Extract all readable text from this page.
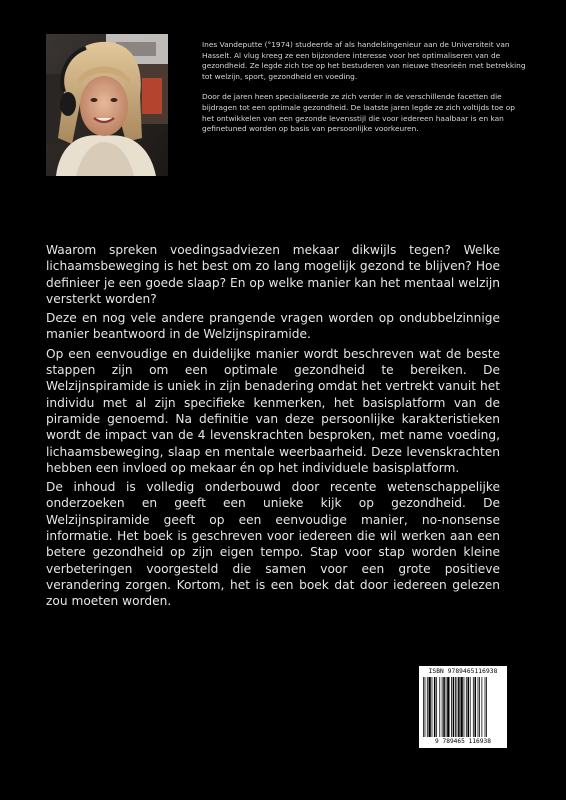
Ines Vandeputte (°1974) studeerde af als handelsingenieur aan de Universiteit van Hasselt. Al vlug kreeg ze een bijzondere interesse voor het optimaliseren van de gezondheid. Ze legde zich toe op het bestuderen van nieuwe theorieën met betrekking tot welzijn, sport, gezondheid en voeding.

Door de jaren heen specialiseerde ze zich verder in de verschillende facetten die bijdragen tot een optimale gezondheid. De laatste jaren legde ze zich voltijds toe op het ontwikkelen van een gezonde levensstijl die voor iedereen haalbaar is en kan gefinetuned worden op basis van persoonlijke voorkeuren.

Waarom spreken voedingsadviezen mekaar dikwijls tegen? Welke lichaamsbeweging is het best om zo lang mogelijk gezond te blijven? Hoe definieer je een goede slaap? En op welke manier kan het mentaal welzijn versterkt worden?

Deze en nog vele andere prangende vragen worden op ondubbelzinnige manier beantwoord in de Welzijnspiramide.

Op een eenvoudige en duidelijke manier wordt beschreven wat de beste stappen zijn om een optimale gezondheid te bereiken. De Welzijnspiramide is uniek in zijn benadering omdat het vertrekt vanuit het individu met al zijn specifieke kenmerken, het basisplatform van de piramide genoemd. Na definitie van deze persoonlijke karakteristieken wordt de impact van de 4 levenskrachten besproken, met name voeding, lichaamsbeweging, slaap en mentale weerbaarheid. Deze levenskrachten hebben een invloed op mekaar én op het individuele basisplatform.

De inhoud is volledig onderbouwd door recente wetenschappelijke onderzoeken en geeft een unieke kijk op gezondheid. De Welzijnspiramide geeft op een eenvoudige manier, no-nonsense informatie. Het boek is geschreven voor iedereen die wil werken aan een betere gezondheid op zijn eigen tempo. Stap voor stap worden kleine verbeteringen voorgesteld die samen voor een grote positieve verandering zorgen. Kortom, het is een boek dat door iedereen gelezen zou moeten worden.

ISBN 9789465116938
9 789465 116938
